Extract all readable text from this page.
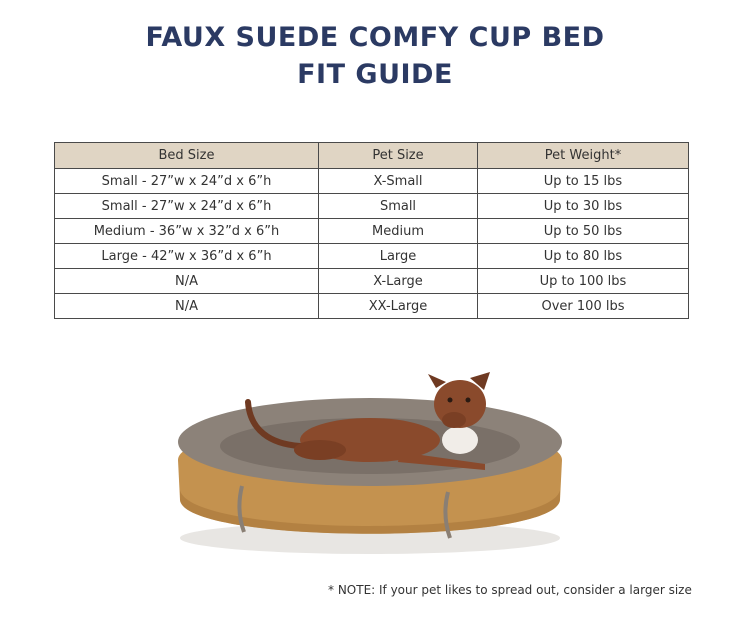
FAUX SUEDE COMFY CUP BED
FIT GUIDE
Bed Size	Pet Size	Pet Weight*
Small - 27”w x 24”d x 6”h	X-Small	Up to 15 lbs
Small - 27”w x 24”d x 6”h	Small	Up to 30 lbs
Medium - 36”w x 32”d x 6”h	Medium	Up to 50 lbs
Large - 42”w x 36”d x 6”h	Large	Up to 80 lbs
N/A	X-Large	Up to 100 lbs
N/A	XX-Large	Over 100 lbs

* NOTE: If your pet likes to spread out, consider a larger size
